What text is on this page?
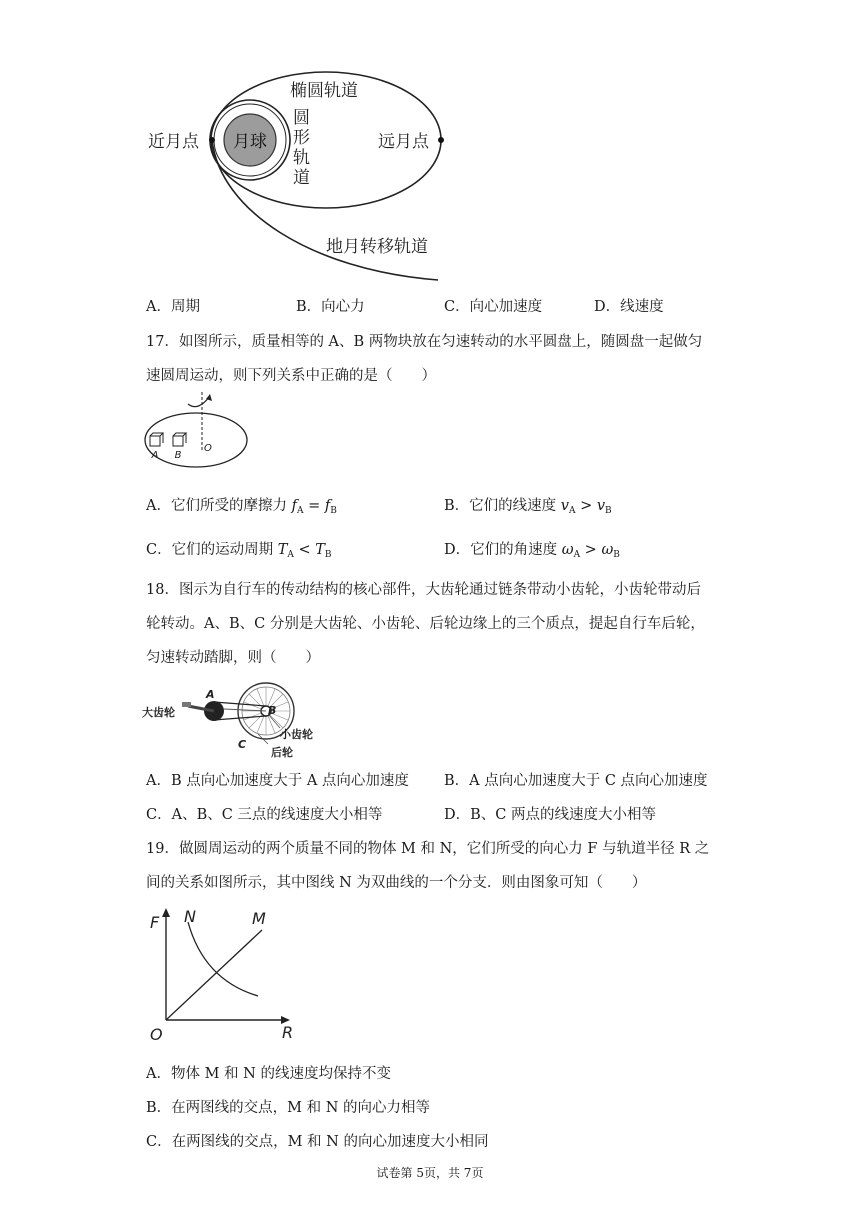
月球
椭圆轨道
近月点	远月点
圆
形
轨
道
地月转移轨道
A．周期	B．向心力	C．向心加速度	D．线速度
17．如图所示，质量相等的 A、B 两物块放在匀速转动的水平圆盘上，随圆盘一起做匀
速圆周运动，则下列关系中正确的是（　　）
A B
O
A．它们所受的摩擦力 $f_A = f_B$	B．它们的线速度 $v_A > v_B$
C．它们的运动周期 $T_A < T_B$	D．它们的角速度 $\omega_A > \omega_B$
18．图示为自行车的传动结构的核心部件，大齿轮通过链条带动小齿轮，小齿轮带动后
轮转动。A、B、C 分别是大齿轮、小齿轮、后轮边缘上的三个质点，提起自行车后轮，
匀速转动踏脚，则（　　）
大齿轮
小齿轮
后轮
A
B
C
A．B 点向心加速度大于 A 点向心加速度 B．A 点向心加速度大于 C 点向心加速度
C．A、B、C 三点的线速度大小相等	D．B、C 两点的线速度大小相等
19．做圆周运动的两个质量不同的物体 M 和 N，它们所受的向心力 F 与轨道半径 R 之
间的关系如图所示，其中图线 N 为双曲线的一个分支．则由图象可知（　　）
F
R
O
N	M
A．物体 M 和 N 的线速度均保持不变
B．在两图线的交点，M 和 N 的向心力相等
C．在两图线的交点，M 和 N 的向心加速度大小相同
试卷第 5页，共 7页
